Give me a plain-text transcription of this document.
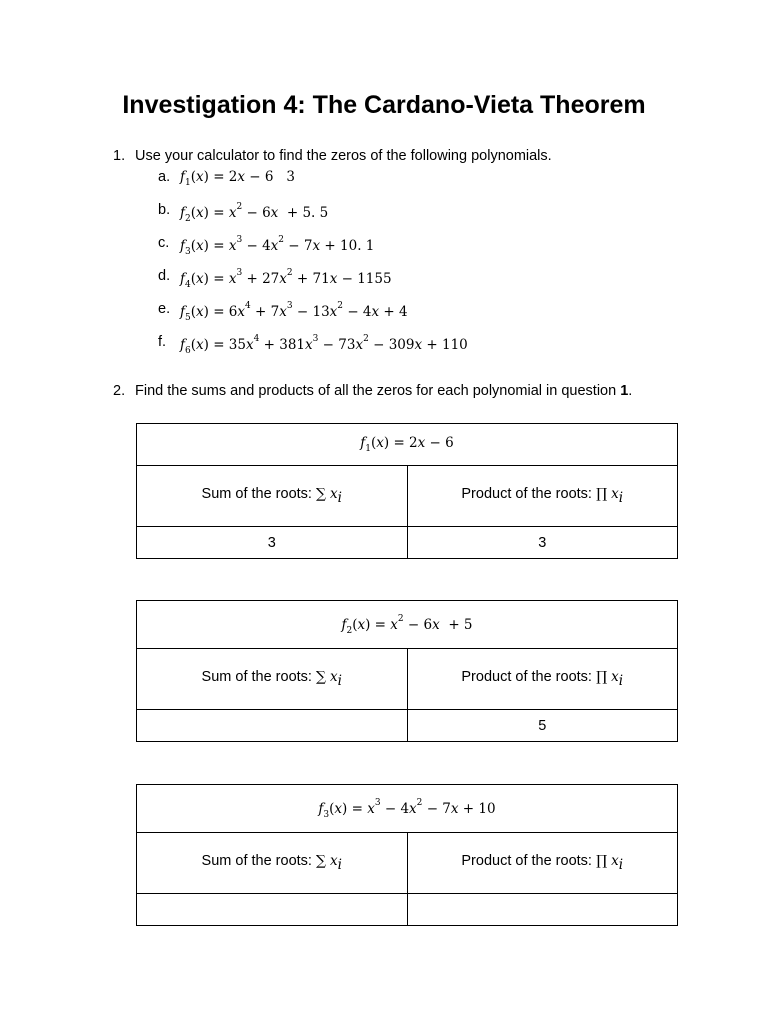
Investigation 4: The Cardano-Vieta Theorem
1. Use your calculator to find the zeros of the following polynomials.
a. $f_1(x) = 2x - 6$ 3
b. $f_2(x) = x^2 - 6x + 5$. 5
c. $f_3(x) = x^3 - 4x^2 - 7x + 10$. 1
d. $f_4(x) = x^3 + 27x^2 + 71x - 1155$
e. $f_5(x) = 6x^4 + 7x^3 - 13x^2 - 4x + 4$
f. $f_6(x) = 35x^4 + 381x^3 - 73x^2 - 309x + 110$
2. Find the sums and products of all the zeros for each polynomial in question 1.
$f_1(x) = 2x - 6$	
Sum of the roots: ∑ $x_i$	Product of the roots: ∏ $x_i$
3	3
$f_2(x) = x^2 - 6x + 5$	
Sum of the roots: ∑ $x_i$	Product of the roots: ∏ $x_i$
	5
$f_3(x) = x^3 - 4x^2 - 7x + 10$	
Sum of the roots: ∑ $x_i$	Product of the roots: ∏ $x_i$
